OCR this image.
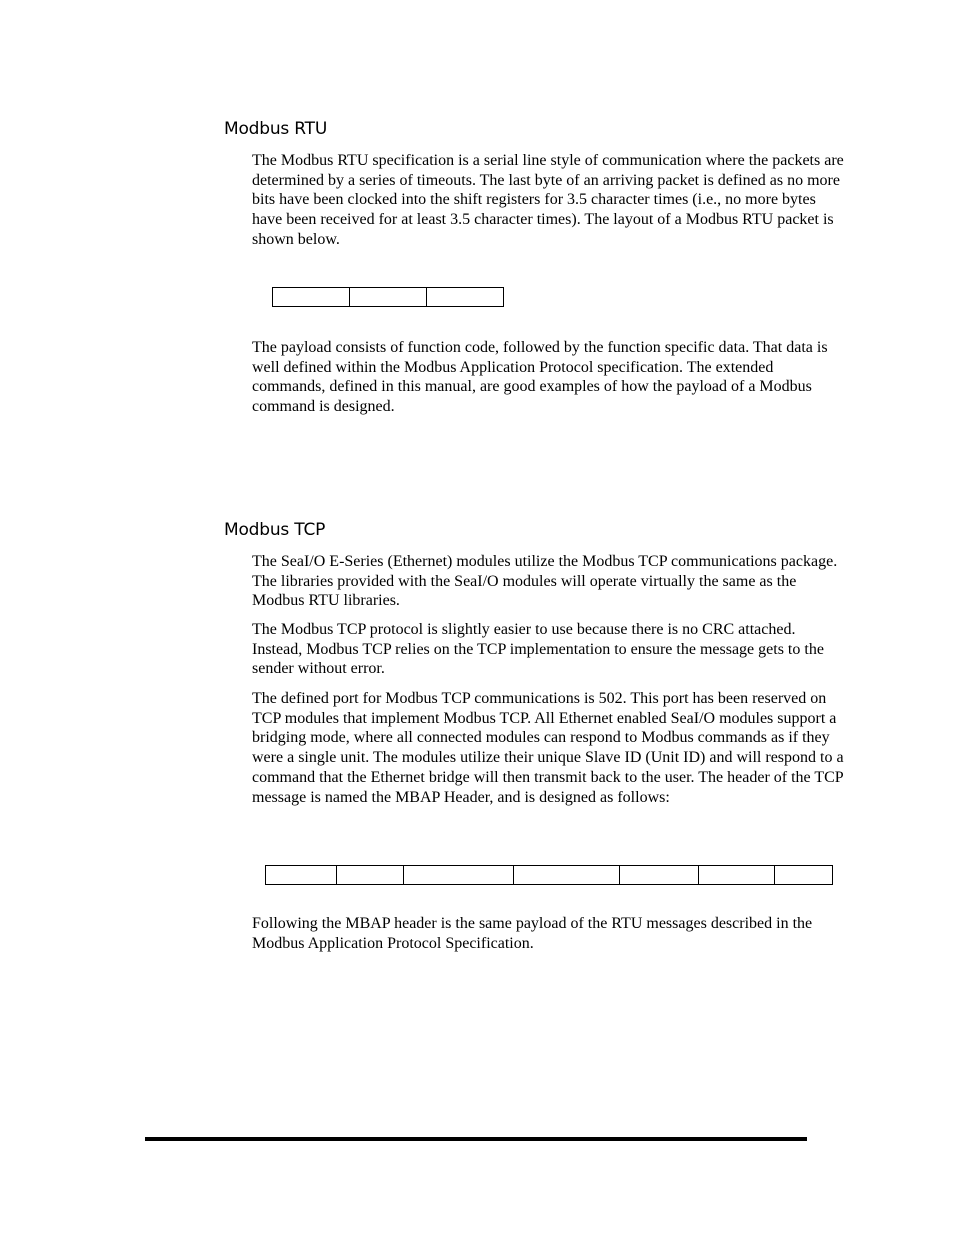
Modbus RTU

The Modbus RTU specification is a serial line style of communication where the packets are determined by a series of timeouts. The last byte of an arriving packet is defined as no more bits have been clocked into the shift registers for 3.5 character times (i.e., no more bytes have been received for at least 3.5 character times). The layout of a Modbus RTU packet is shown below.

The payload consists of function code, followed by the function specific data. That data is well defined within the Modbus Application Protocol specification. The extended commands, defined in this manual, are good examples of how the payload of a Modbus command is designed.

Modbus TCP

The SeaI/O E-Series (Ethernet) modules utilize the Modbus TCP communications package. The libraries provided with the SeaI/O modules will operate virtually the same as the Modbus RTU libraries.

The Modbus TCP protocol is slightly easier to use because there is no CRC attached. Instead, Modbus TCP relies on the TCP implementation to ensure the message gets to the sender without error.

The defined port for Modbus TCP communications is 502. This port has been reserved on TCP modules that implement Modbus TCP. All Ethernet enabled SeaI/O modules support a bridging mode, where all connected modules can respond to Modbus commands as if they were a single unit. The modules utilize their unique Slave ID (Unit ID) and will respond to a command that the Ethernet bridge will then transmit back to the user. The header of the TCP message is named the MBAP Header, and is designed as follows:

Following the MBAP header is the same payload of the RTU messages described in the Modbus Application Protocol Specification.
